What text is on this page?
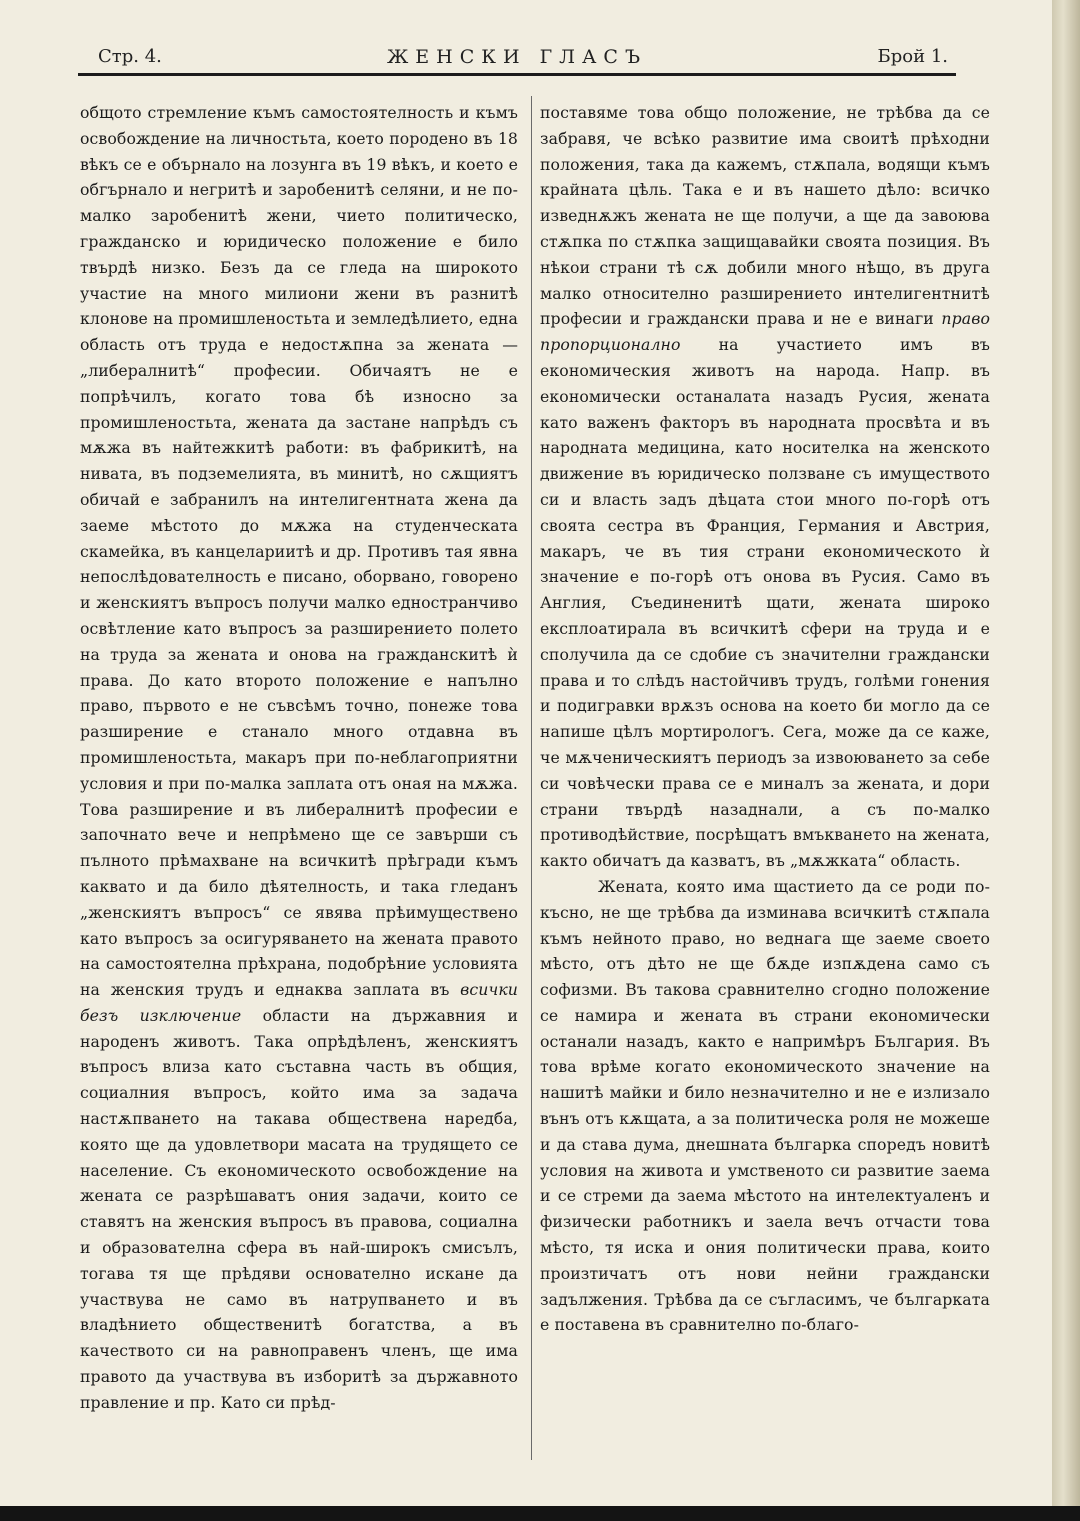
Стр. 4.	ЖЕНСКИ ГЛАСЪ	Брой 1.

общото стремление къмъ самостоятелность и къмъ освобождение на личностьта, което породено въ 18 вѣкъ се е обърнало на лозунга въ 19 вѣкъ, и което е обгърнало и негритѣ и заробенитѣ селяни, и не по-малко заробенитѣ жени, чието политическо, гражданско и юридическо положение е било твърдѣ низко. Безъ да се гледа на широкото участие на много милиони жени въ разнитѣ клонове на промишленостьта и земледѣлието, една область отъ труда е недостѫпна за жената — „либералнитѣ“ професии. Обичаятъ не е попрѣчилъ, когато това бѣ износно за промишленостьта, жената да застане напрѣдъ съ мѫжа въ найтежкитѣ работи: въ фабрикитѣ, на нивата, въ подземелията, въ минитѣ, но сѫщиятъ обичай е забранилъ на интелигентната жена да заеме мѣстото до мѫжа на студенческата скамейка, въ канцелариитѣ и др. Противъ тая явна непослѣдователность е писано, оборвано, говорено и женскиятъ въпросъ получи малко едностранчиво освѣтление като въпросъ за разширението полето на труда за жената и онова на гражданскитѣ ѝ права. До като второто положение е напълно право, първото е не съвсѣмъ точно, понеже това разширение е станало много отдавна въ промишленостьта, макаръ при по-неблагоприятни условия и при по-малка заплата отъ оная на мѫжа. Това разширение и въ либералнитѣ професии е започнато вече и непрѣмено ще се завърши съ пълното прѣмахване на всичкитѣ прѣгради къмъ каквато и да било дѣятелность, и така гледанъ „женскиятъ въпросъ“ се явява прѣимуществено като въпросъ за осигуряването на жената правото на самостоятелна прѣхрана, подобрѣние условията на женския трудъ и еднаква заплата въ всички безъ изключение области на държавния и народенъ животъ. Така опрѣдѣленъ, женскиятъ въпросъ влиза като съставна часть въ общия, социалния въпросъ, който има за задача настѫпването на такава обществена наредба, която ще да удовлетвори масата на трудящето се население. Съ економическото освобождение на жената се разрѣшаватъ ония задачи, които се ставятъ на женския въпросъ въ правова, социална и образователна сфера въ най-широкъ смисълъ, тогава тя ще прѣдяви основателно искане да участвува не само въ натрупването и въ владѣнието общественитѣ богатства, а въ качеството си на равноправенъ членъ, ще има правото да участвува въ изборитѣ за държавното правление и пр. Като си прѣд-

поставяме това общо положение, не трѣбва да се забравя, че всѣко развитие има своитѣ прѣходни положения, така да кажемъ, стѫпала, водящи къмъ крайната цѣль. Така е и въ нашето дѣло: всичко изведнѫжъ жената не ще получи, а ще да завоюва стѫпка по стѫпка защищавайки своята позиция. Въ нѣкои страни тѣ сѫ добили много нѣщо, въ друга малко относително разширението интелигентнитѣ професии и граждански права и не е винаги право пропорционално на участието имъ въ економическия животъ на народа. Напр. въ економически останалата назадъ Русия, жената като важенъ факторъ въ народната просвѣта и въ народната медицина, като носителка на женското движение въ юридическо ползване съ имуществото си и власть задъ дѣцата стои много по-горѣ отъ своята сестра въ Франция, Германия и Австрия, макаръ, че въ тия страни економическото ѝ значение е по-горѣ отъ онова въ Русия. Само въ Англия, Съединенитѣ щати, жената широко експлоатирала въ всичкитѣ сфери на труда и е сполучила да се сдобие съ значителни граждански права и то слѣдъ настойчивъ трудъ, голѣми гонения и подигравки врѫзъ основа на което би могло да се напише цѣлъ мортирологъ. Сега, може да се каже, че мѫченическиятъ периодъ за извоюването за себе си човѣчески права се е миналъ за жената, и дори страни твърдѣ назаднали, а съ по-малко противодѣйствие, посрѣщатъ вмъкването на жената, както обичатъ да казватъ, въ „мѫжката“ область.

Жената, която има щастието да се роди по-късно, не ще трѣбва да изминава всичкитѣ стѫпала къмъ нейното право, но веднага ще заеме своето мѣсто, отъ дѣто не ще бѫде изпѫдена само съ софизми. Въ такова сравнително сгодно положение се намира и жената въ страни економически останали назадъ, както е напримѣръ България. Въ това врѣме когато економическото значение на нашитѣ майки и било незначително и не е излизало вънъ отъ кѫщата, а за политическа роля не можеше и да става дума, днешната българка споредъ новитѣ условия на живота и умственото си развитие заема и се стреми да заема мѣстото на интелектуаленъ и физически работникъ и заела вечъ отчасти това мѣсто, тя иска и ония политически права, които произтичатъ отъ нови нейни граждански задължения. Трѣбва да се съгласимъ, че българката е поставена въ сравнително по-благо-
